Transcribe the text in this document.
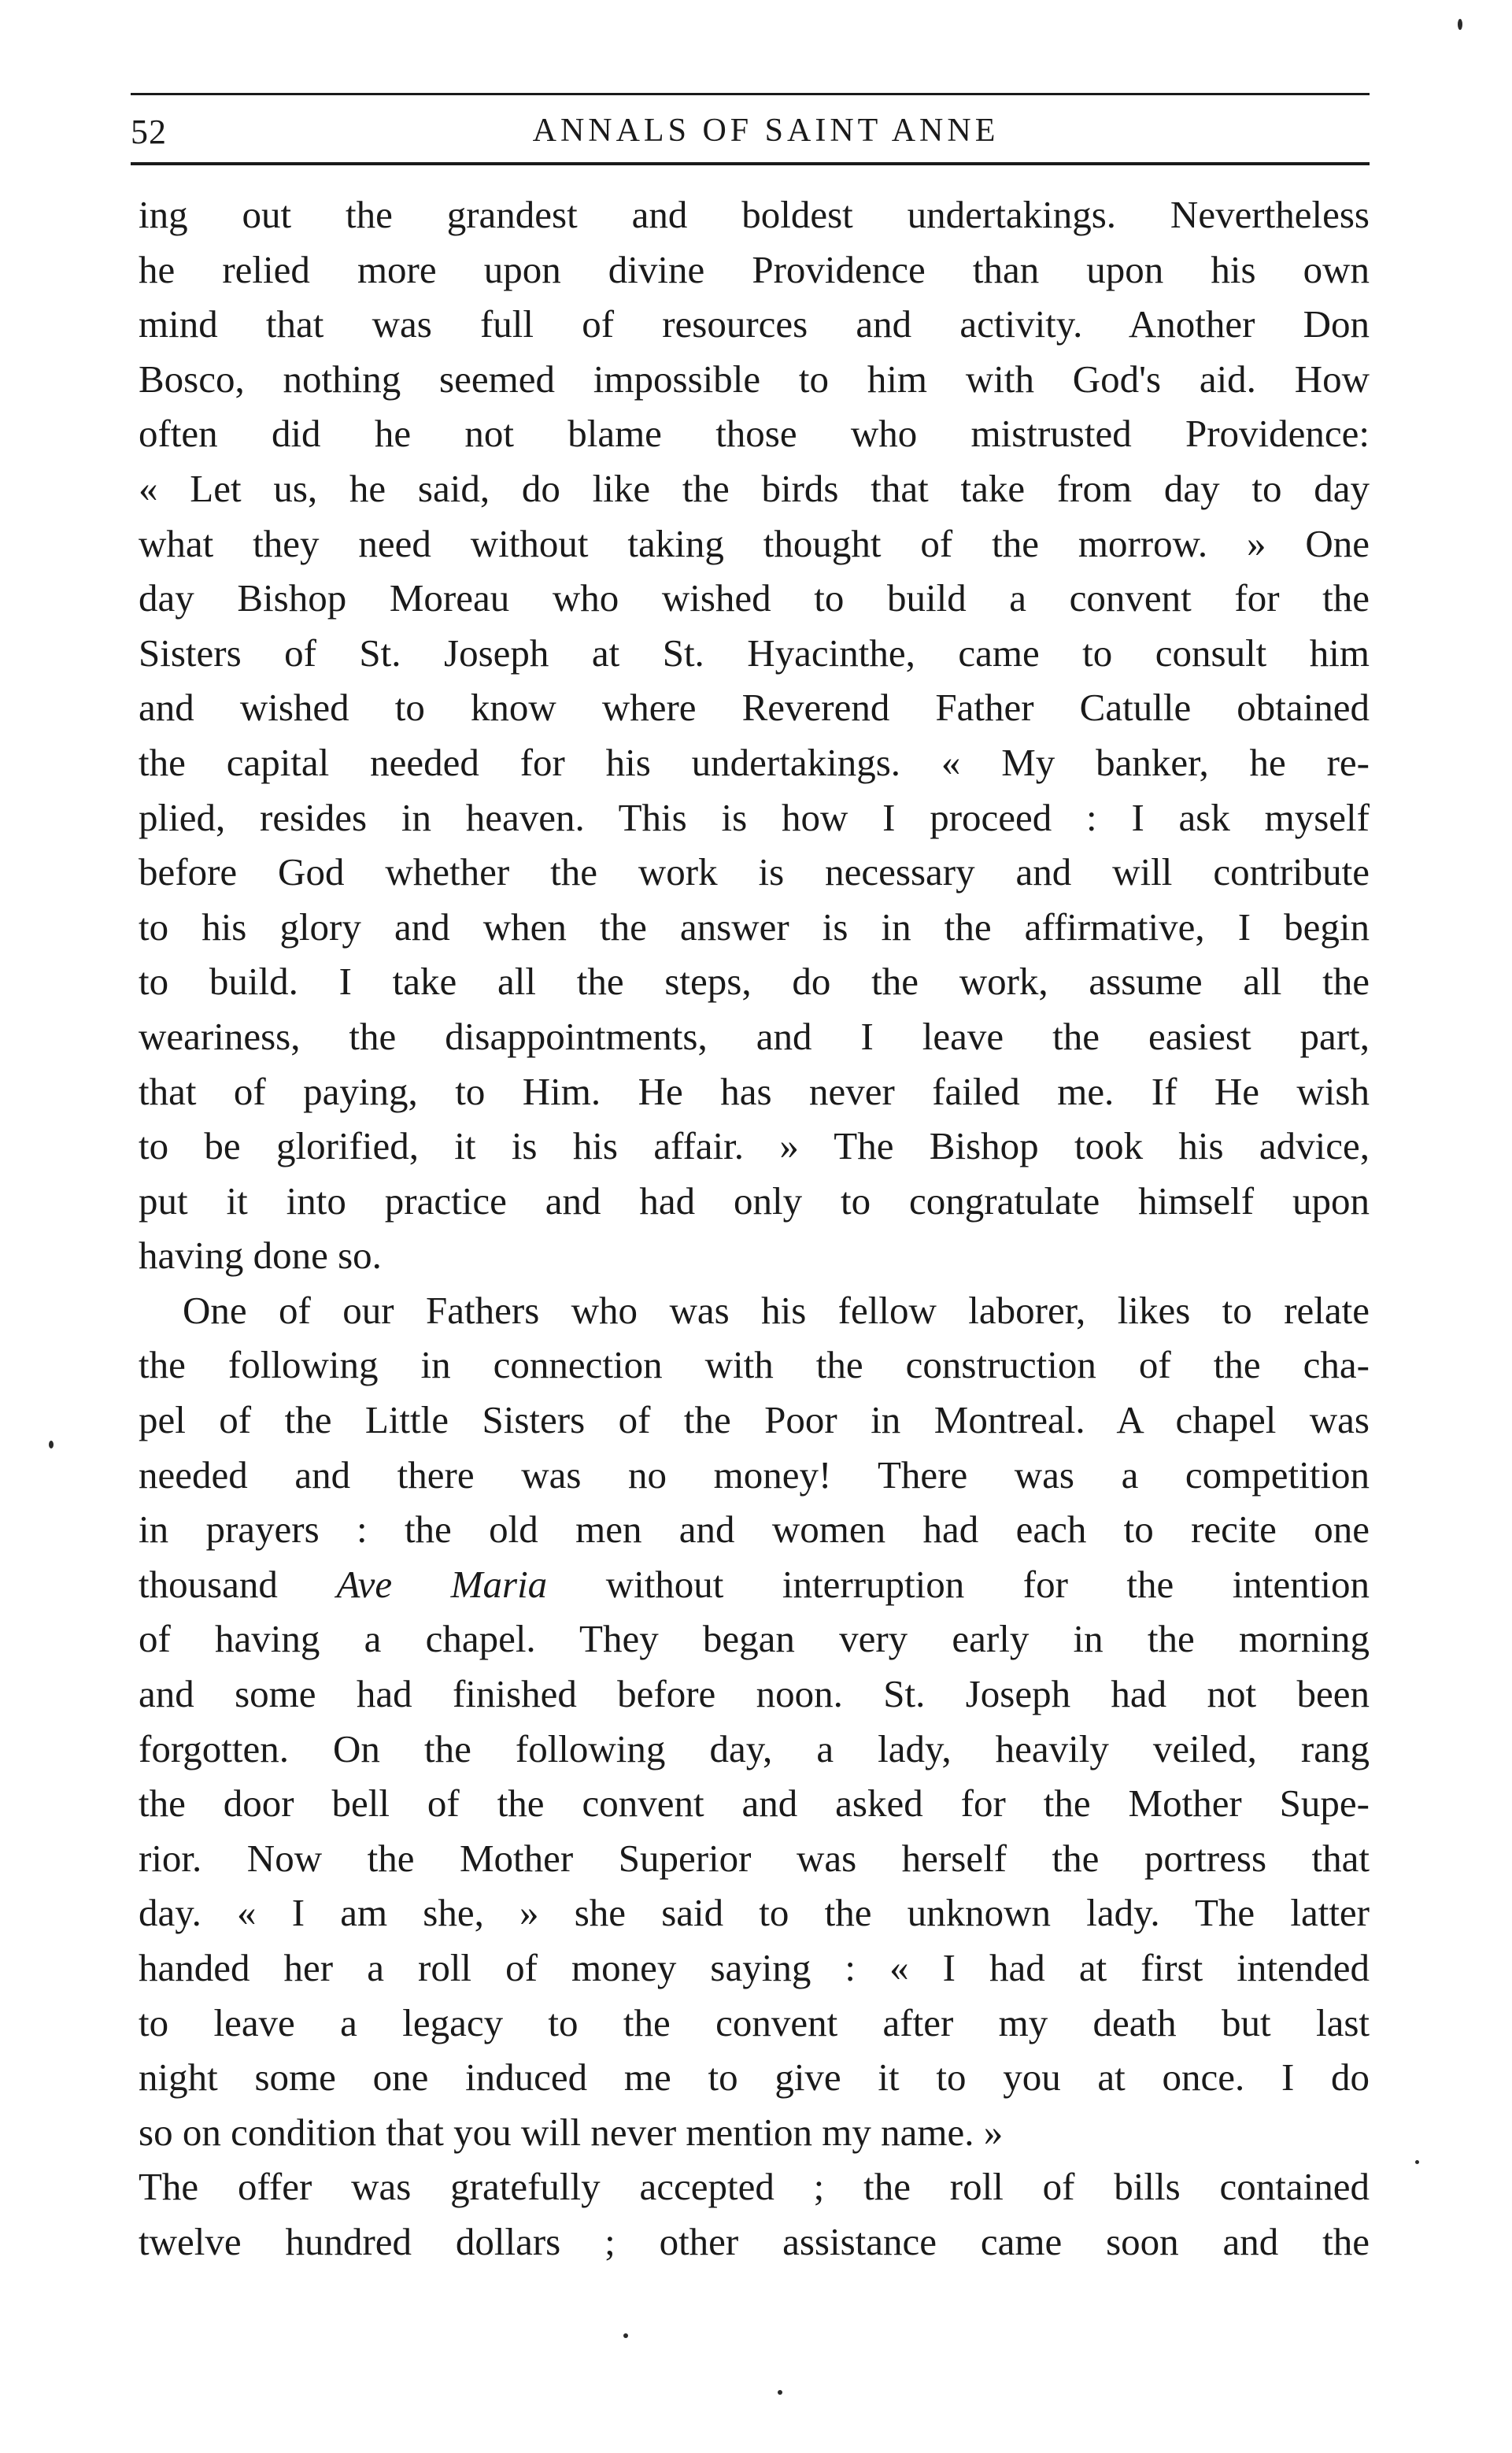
52	ANNALS OF SAINT ANNE
ing out the grandest and boldest undertakings. Nevertheless
he relied more upon divine Providence than upon his own
mind that was full of resources and activity. Another Don
Bosco, nothing seemed impossible to him with God's aid. How
often did he not blame those who mistrusted Providence:
« Let us, he said, do like the birds that take from day to day
what they need without taking thought of the morrow. » One
day Bishop Moreau who wished to build a convent for the
Sisters of St. Joseph at St. Hyacinthe, came to consult him
and wished to know where Reverend Father Catulle obtained
the capital needed for his undertakings. « My banker, he re-
plied, resides in heaven. This is how I proceed : I ask myself
before God whether the work is necessary and will contribute
to his glory and when the answer is in the affirmative, I begin
to build. I take all the steps, do the work, assume all the
weariness, the disappointments, and I leave the easiest part,
that of paying, to Him. He has never failed me. If He wish
to be glorified, it is his affair. » The Bishop took his advice,
put it into practice and had only to congratulate himself upon
having done so.
One of our Fathers who was his fellow laborer, likes to relate
the following in connection with the construction of the cha-
pel of the Little Sisters of the Poor in Montreal. A chapel was
needed and there was no money! There was a competition
in prayers : the old men and women had each to recite one
thousand Ave Maria without interruption for the intention
of having a chapel. They began very early in the morning
and some had finished before noon. St. Joseph had not been
forgotten. On the following day, a lady, heavily veiled, rang
the door bell of the convent and asked for the Mother Supe-
rior. Now the Mother Superior was herself the portress that
day. « I am she, » she said to the unknown lady. The latter
handed her a roll of money saying : « I had at first intended
to leave a legacy to the convent after my death but last
night some one induced me to give it to you at once. I do
so on condition that you will never mention my name. »
The offer was gratefully accepted ; the roll of bills contained
twelve hundred dollars ; other assistance came soon and the
